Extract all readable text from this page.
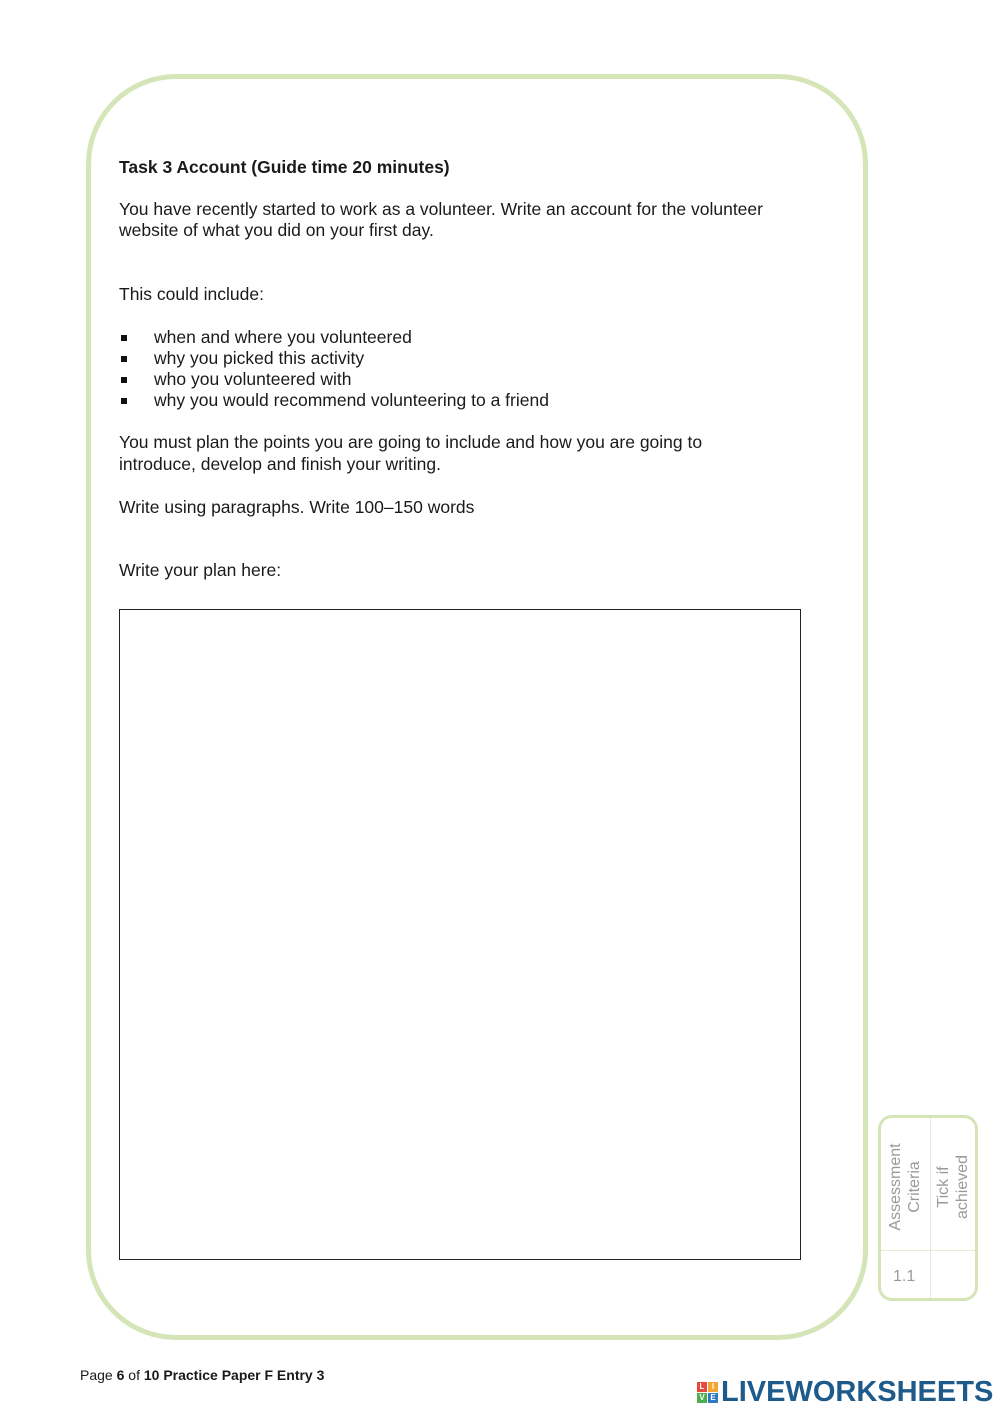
Task 3 Account (Guide time 20 minutes)
You have recently started to work as a volunteer. Write an account for the volunteer
website of what you did on your first day.
This could include:
when and where you volunteered
why you picked this activity
who you volunteered with
why you would recommend volunteering to a friend
You must plan the points you are going to include and how you are going to
introduce, develop and finish your writing.
Write using paragraphs. Write 100–150 words
Write your plan here:
Assessment Criteria Tick if achieved
1.1
Page 6 of 10 Practice Paper F Entry 3
L I
V E LIVEWORKSHEETS
